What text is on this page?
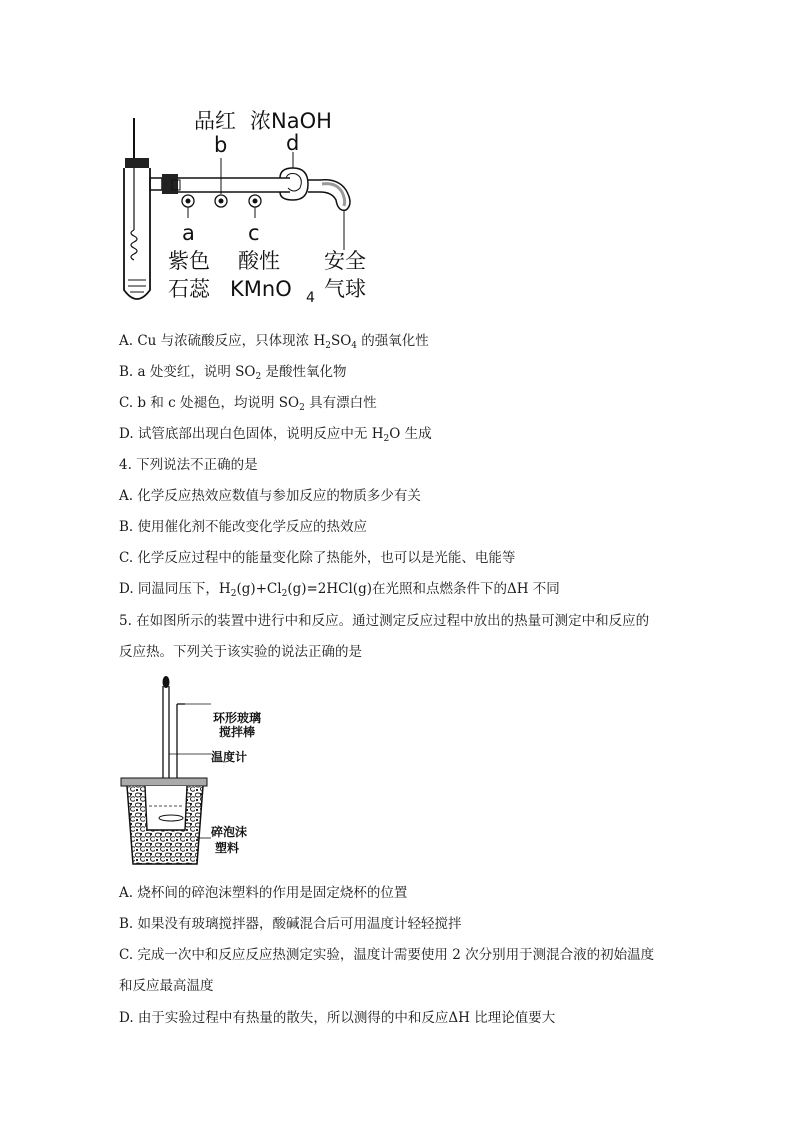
品红 浓NaOH
b	d
a	c
紫色
石蕊
酸性
KMnO 4
安全
气球
A. Cu 与浓硫酸反应，只体现浓 $H_2SO_4$ 的强氧化性
B. a 处变红，说明 $SO_2$ 是酸性氧化物
C. b 和 c 处褪色，均说明 $SO_2$ 具有漂白性
D. 试管底部出现白色固体，说明反应中无 $H_2O$ 生成
4. 下列说法不正确的是
A. 化学反应热效应数值与参加反应的物质多少有关
B. 使用催化剂不能改变化学反应的热效应
C. 化学反应过程中的能量变化除了热能外，也可以是光能、电能等
D. 同温同压下，$H_2(g)+Cl_2(g)=2HCl(g)$在光照和点燃条件下的ΔH 不同
5. 在如图所示的装置中进行中和反应。通过测定反应过程中放出的热量可测定中和反应的
反应热。下列关于该实验的说法正确的是
环形玻璃
搅拌棒
温度计
碎泡沫
塑料
A. 烧杯间的碎泡沫塑料的作用是固定烧杯的位置
B. 如果没有玻璃搅拌器，酸碱混合后可用温度计轻轻搅拌
C. 完成一次中和反应反应热测定实验，温度计需要使用 2 次分别用于测混合液的初始温度
和反应最高温度
D. 由于实验过程中有热量的散失，所以测得的中和反应ΔH 比理论值要大
